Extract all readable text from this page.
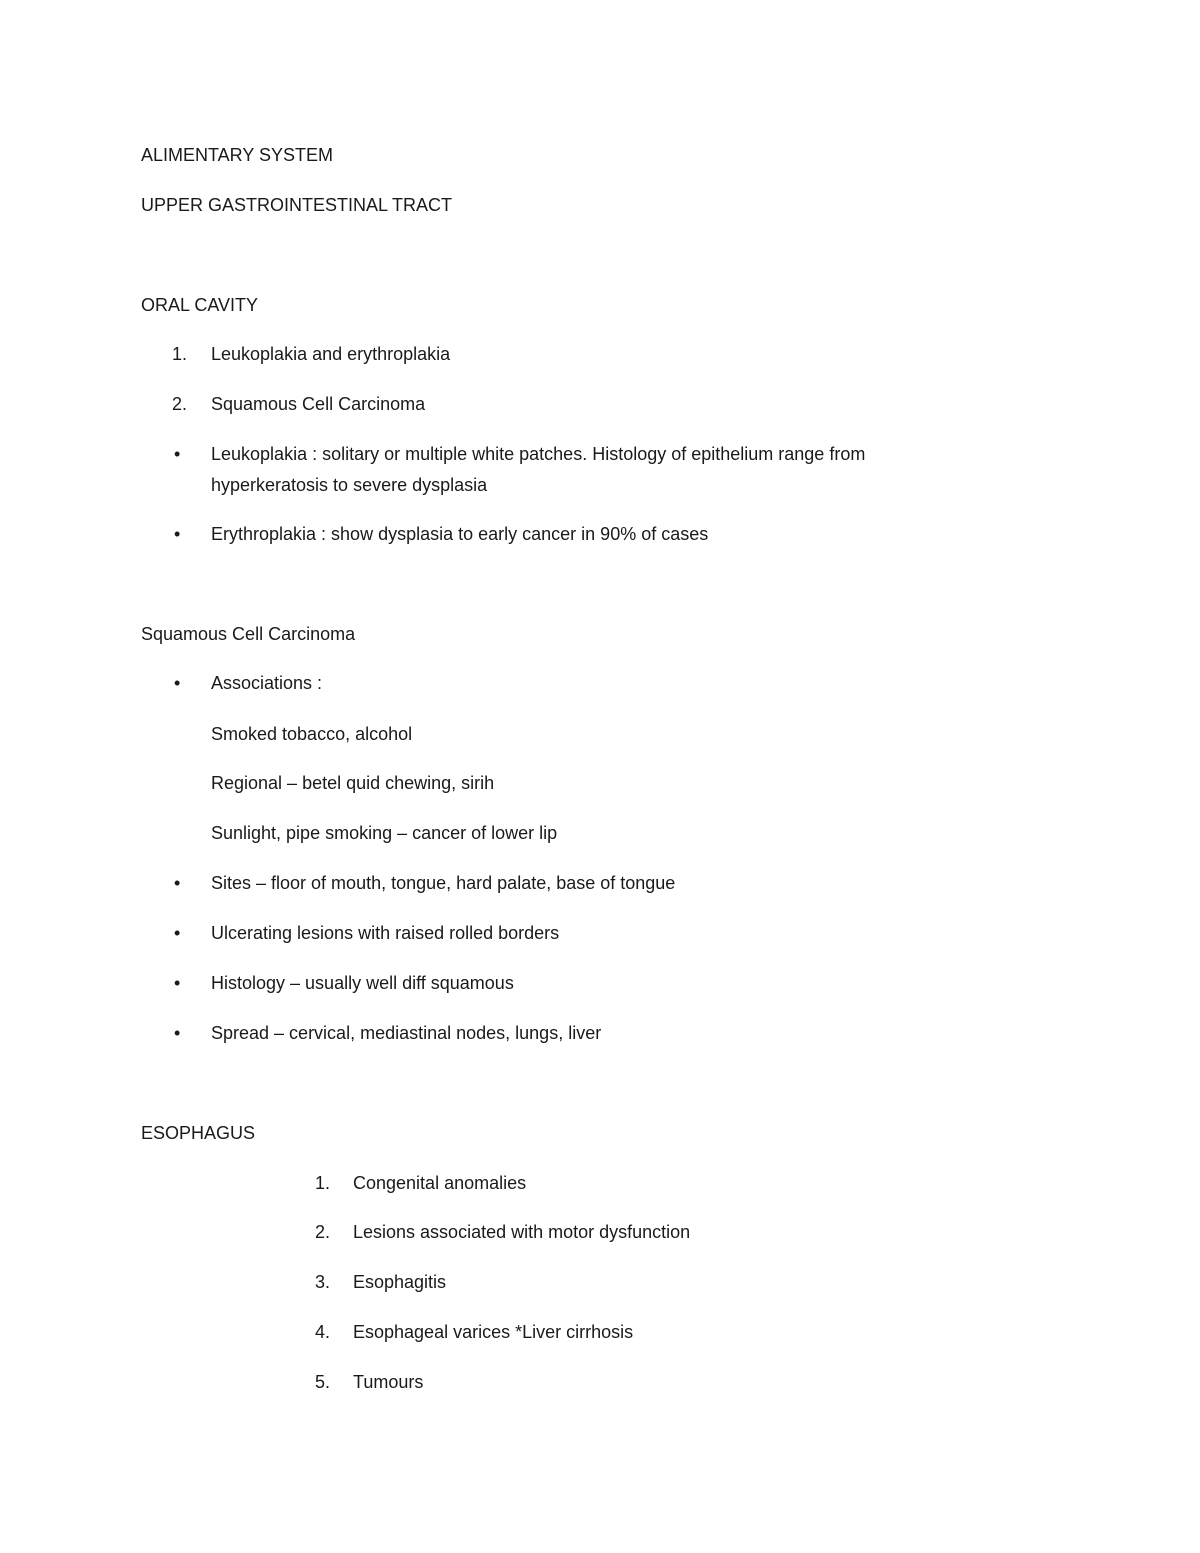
ALIMENTARY SYSTEM
UPPER GASTROINTESTINAL TRACT
ORAL CAVITY
1. Leukoplakia and erythroplakia
2. Squamous Cell Carcinoma
• Leukoplakia : solitary or multiple white patches. Histology of epithelium range from
hyperkeratosis to severe dysplasia
• Erythroplakia : show dysplasia to early cancer in 90% of cases
Squamous Cell Carcinoma
• Associations :
Smoked tobacco, alcohol
Regional – betel quid chewing, sirih
Sunlight, pipe smoking – cancer of lower lip
• Sites – floor of mouth, tongue, hard palate, base of tongue
• Ulcerating lesions with raised rolled borders
• Histology – usually well diff squamous
• Spread – cervical, mediastinal nodes, lungs, liver
ESOPHAGUS
1. Congenital anomalies
2. Lesions associated with motor dysfunction
3. Esophagitis
4. Esophageal varices *Liver cirrhosis
5. Tumours
